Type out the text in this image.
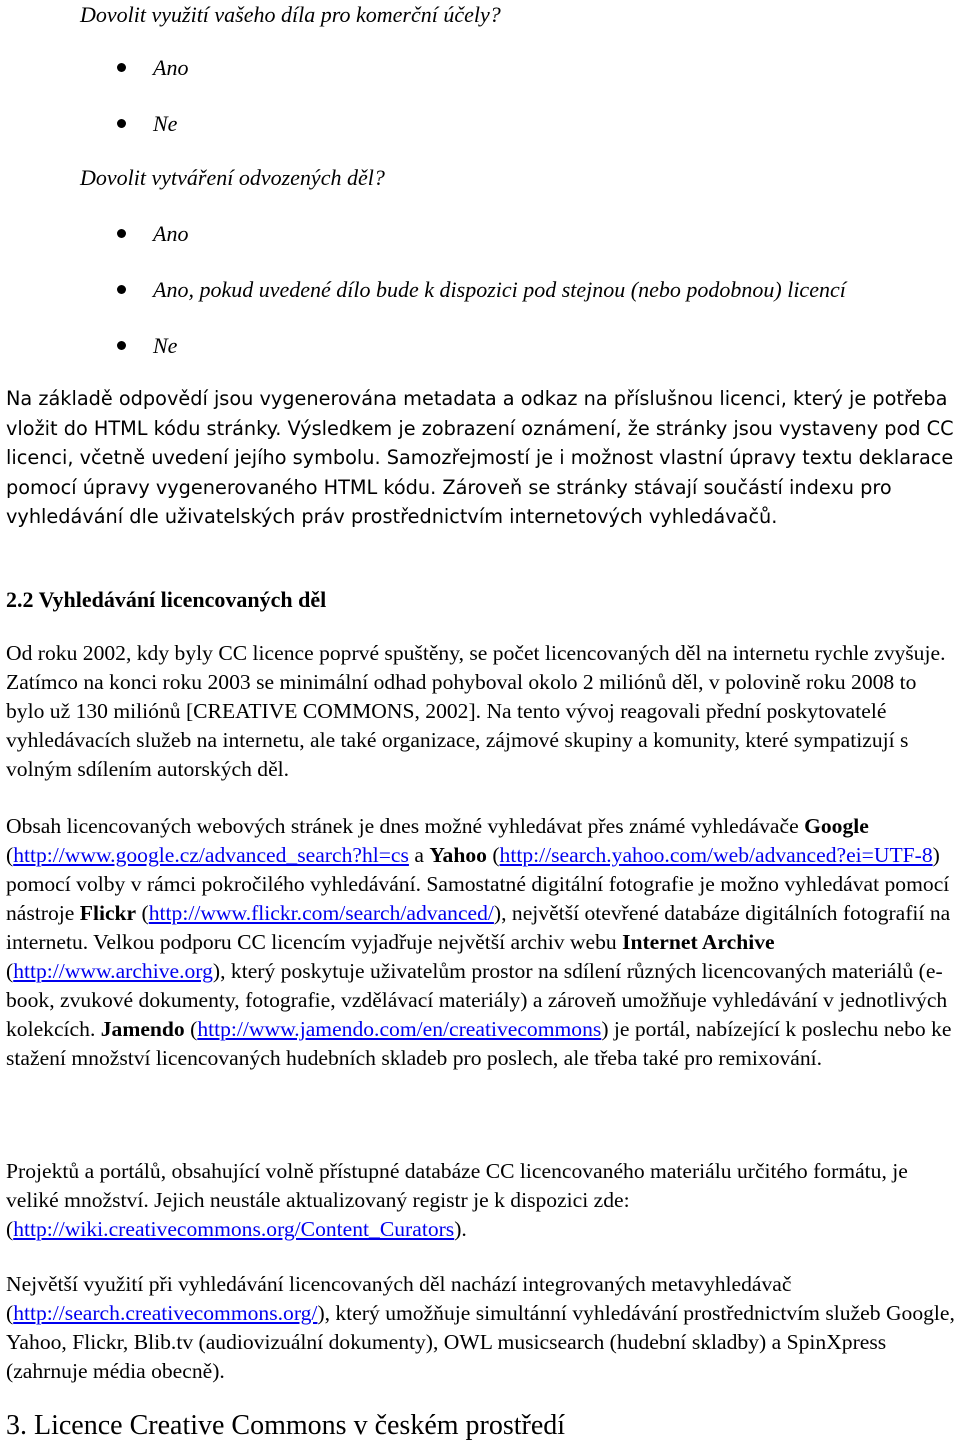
Dovolit využití vašeho díla pro komerční účely?
Ano
Ne
Dovolit vytváření odvozených děl?
Ano
Ano, pokud uvedené dílo bude k dispozici pod stejnou (nebo podobnou) licencí
Ne
Na základě odpovědí jsou vygenerována metadata a odkaz na příslušnou licenci, který je potřeba vložit do HTML kódu stránky. Výsledkem je zobrazení oznámení, že stránky jsou vystaveny pod CC licenci, včetně uvedení jejího symbolu. Samozřejmostí je i možnost vlastní úpravy textu deklarace pomocí úpravy vygenerovaného HTML kódu. Zároveň se stránky stávají součástí indexu pro vyhledávání dle uživatelských práv prostřednictvím internetových vyhledávačů.
2.2 Vyhledávání licencovaných děl
Od roku 2002, kdy byly CC licence poprvé spuštěny, se počet licencovaných děl na internetu rychle zvyšuje. Zatímco na konci roku 2003 se minimální odhad pohyboval okolo 2 miliónů děl, v polovině roku 2008 to bylo už 130 miliónů [CREATIVE COMMONS, 2002]. Na tento vývoj reagovali přední poskytovatelé vyhledávacích služeb na internetu, ale také organizace, zájmové skupiny a komunity, které sympatizují s volným sdílením autorských děl.
Obsah licencovaných webových stránek je dnes možné vyhledávat přes známé vyhledávače Google (http://www.google.cz/advanced_search?hl=cs a Yahoo (http://search.yahoo.com/web/advanced?ei=UTF-8) pomocí volby v rámci pokročilého vyhledávání. Samostatné digitální fotografie je možno vyhledávat pomocí nástroje Flickr (http://www.flickr.com/search/advanced/), největší otevřené databáze digitálních fotografií na internetu. Velkou podporu CC licencím vyjadřuje největší archiv webu Internet Archive (http://www.archive.org), který poskytuje uživatelům prostor na sdílení různých licencovaných materiálů (e-book, zvukové dokumenty, fotografie, vzdělávací materiály) a zároveň umožňuje vyhledávání v jednotlivých kolekcích. Jamendo (http://www.jamendo.com/en/creativecommons) je portál, nabízející k poslechu nebo ke stažení množství licencovaných hudebních skladeb pro poslech, ale třeba také pro remixování.
Projektů a portálů, obsahující volně přístupné databáze CC licencovaného materiálu určitého formátu, je veliké množství. Jejich neustále aktualizovaný registr je k dispozici zde: (http://wiki.creativecommons.org/Content_Curators).
Největší využití při vyhledávání licencovaných děl nachází integrovaných metavyhledávač (http://search.creativecommons.org/), který umožňuje simultánní vyhledávání prostřednictvím služeb Google, Yahoo, Flickr, Blib.tv (audiovizuální dokumenty), OWL musicsearch (hudební skladby) a SpinXpress (zahrnuje média obecně).
3. Licence Creative Commons v českém prostředí
